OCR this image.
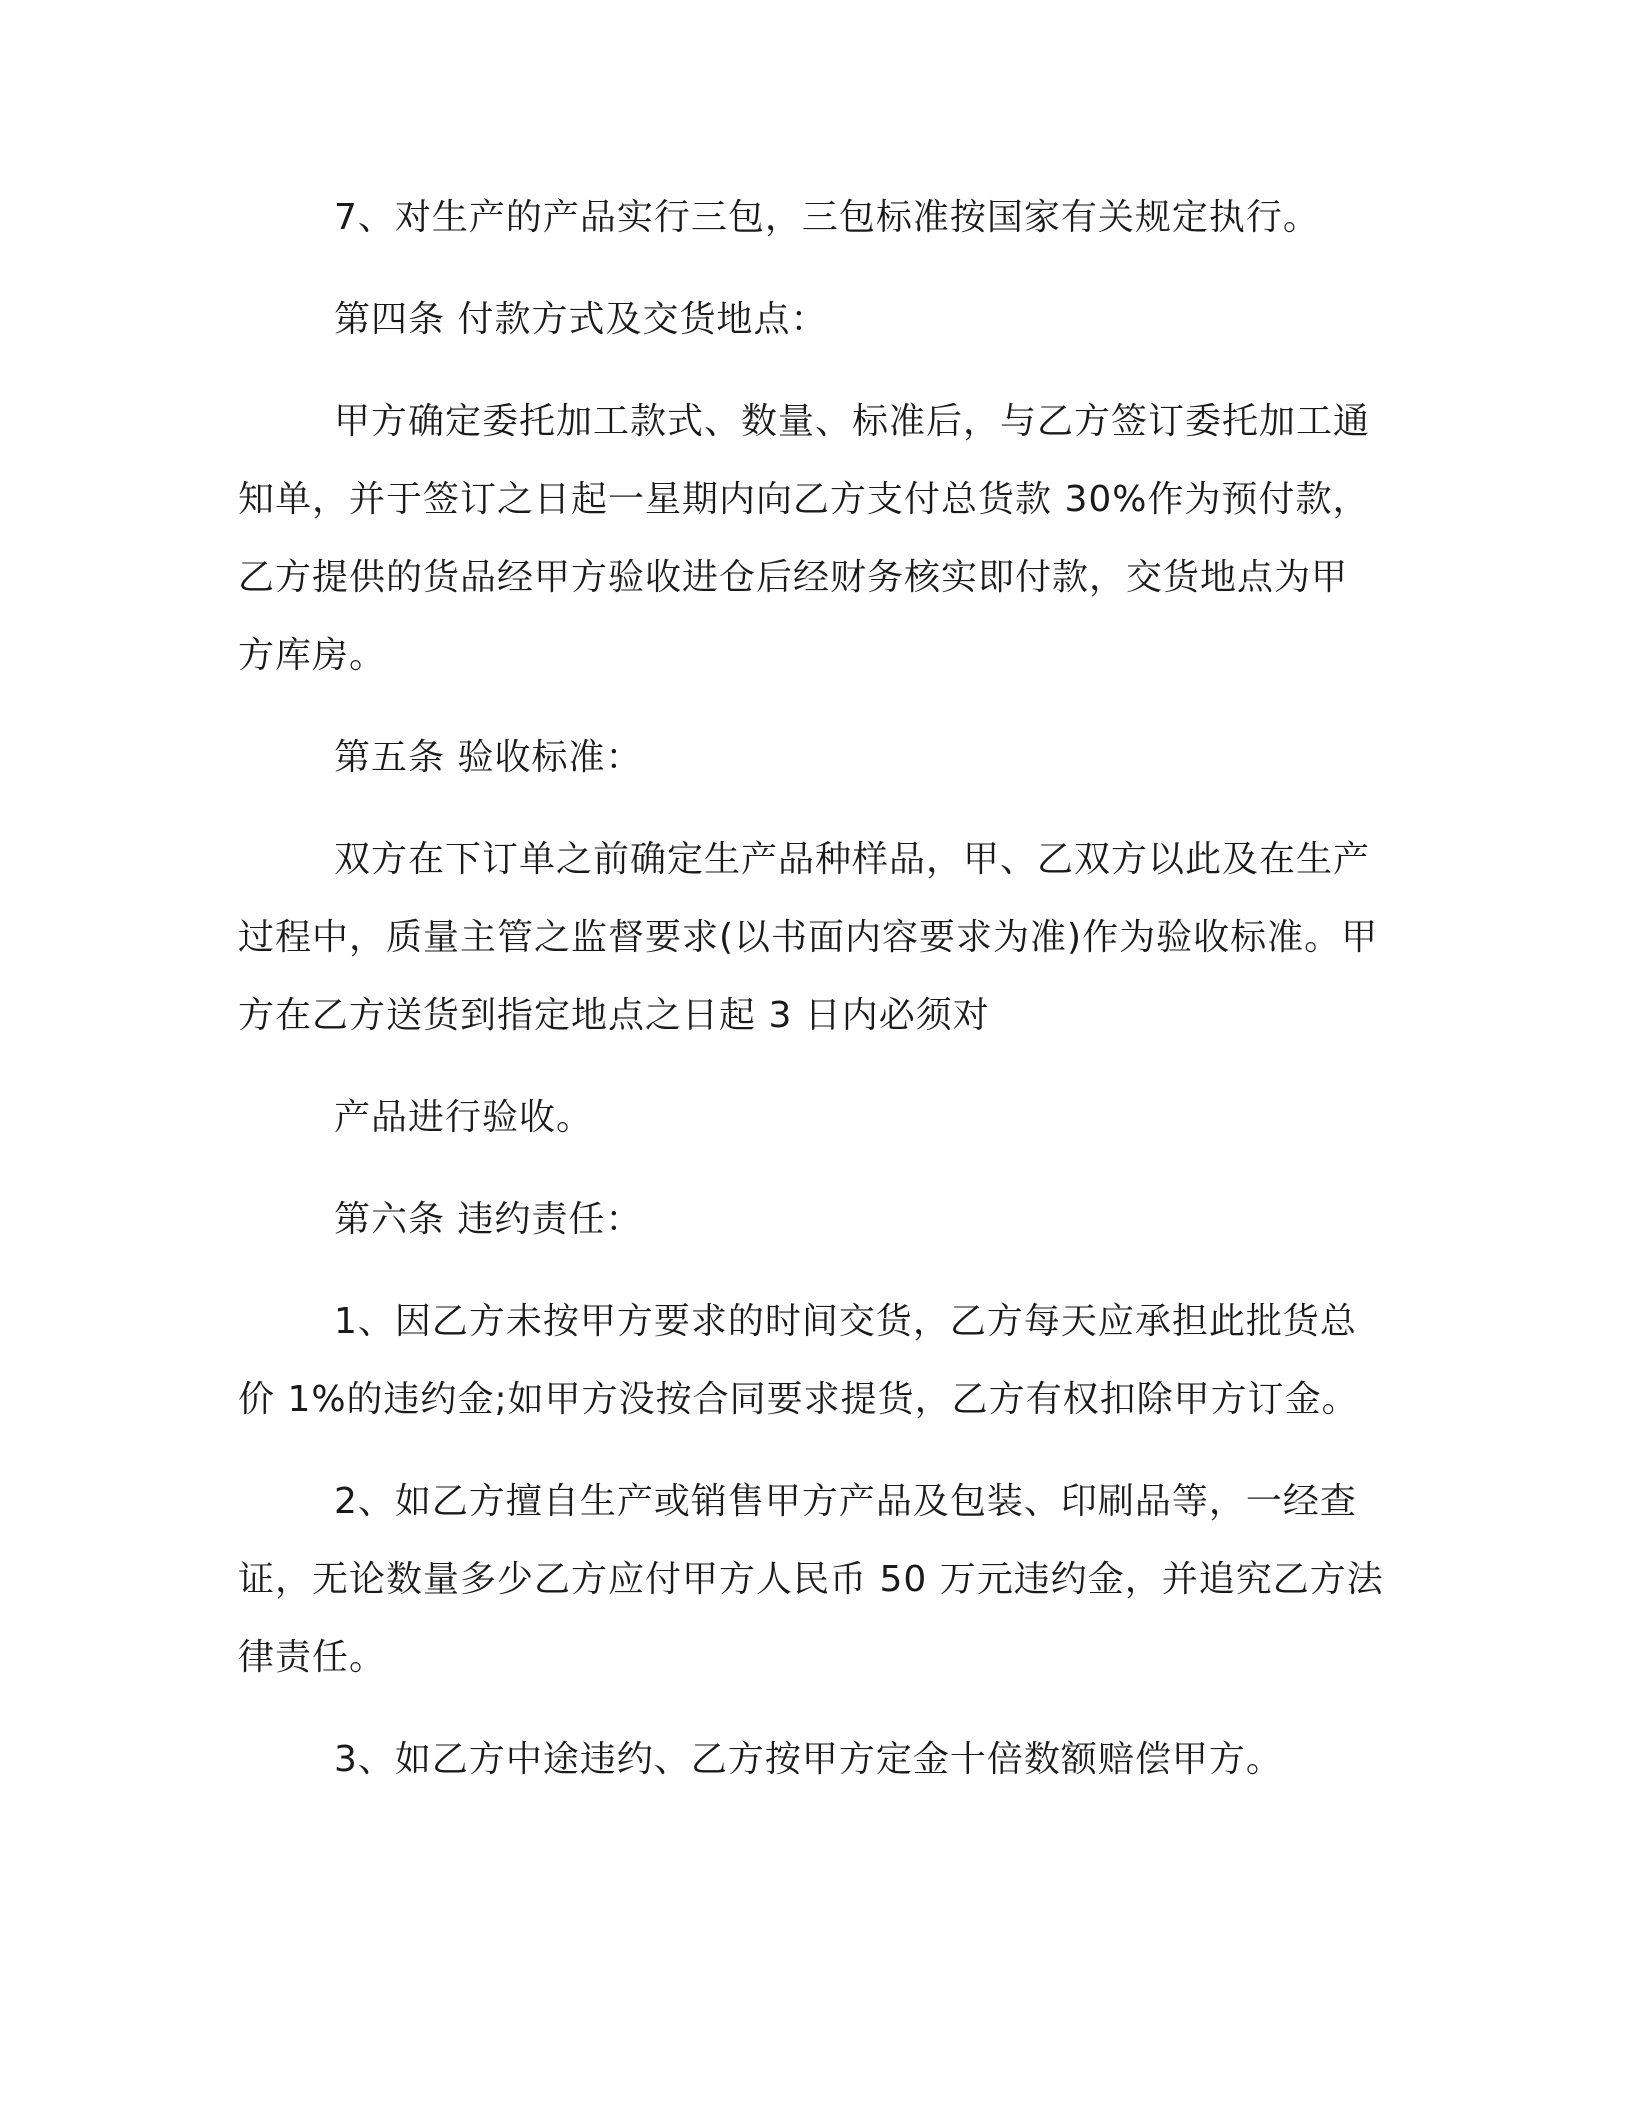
7、对生产的产品实行三包，三包标准按国家有关规定执行。

第四条 付款方式及交货地点：

甲方确定委托加工款式、数量、标准后，与乙方签订委托加工通

知单，并于签订之日起一星期内向乙方支付总货款 30%作为预付款，

乙方提供的货品经甲方验收进仓后经财务核实即付款，交货地点为甲

方库房。

第五条 验收标准：

双方在下订单之前确定生产品种样品，甲、乙双方以此及在生产

过程中，质量主管之监督要求(以书面内容要求为准)作为验收标准。甲

方在乙方送货到指定地点之日起 3 日内必须对

产品进行验收。

第六条 违约责任：

1、因乙方未按甲方要求的时间交货，乙方每天应承担此批货总

价 1%的违约金;如甲方没按合同要求提货，乙方有权扣除甲方订金。

2、如乙方擅自生产或销售甲方产品及包装、印刷品等，一经查

证，无论数量多少乙方应付甲方人民币 50 万元违约金，并追究乙方法

律责任。

3、如乙方中途违约、乙方按甲方定金十倍数额赔偿甲方。
